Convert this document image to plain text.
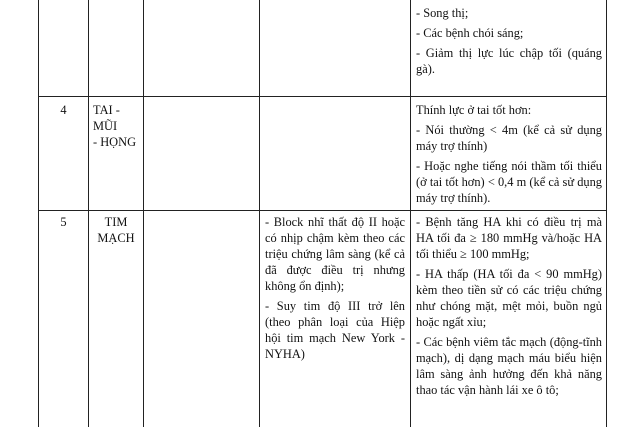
- Song thị;

- Các bệnh chói sáng;

- Giảm thị lực lúc chập tối (quáng gà).

4	TAI - MŨI
- HỌNG

Thính lực ở tai tốt hơn:

- Nói thường < 4m (kể cả sử dụng máy trợ thính)

- Hoặc nghe tiếng nói thầm tối thiểu (ở tai tốt hơn) < 0,4 m (kể cả sử dụng máy trợ thính).

5	TIM
MẠCH

- Block nhĩ thất độ II hoặc có nhịp chậm kèm theo các triệu chứng lâm sàng (kể cả đã được điều trị nhưng không ổn định);

- Suy tim độ III trở lên (theo phân loại của Hiệp hội tim mạch New York - NYHA)

- Bệnh tăng HA khi có điều trị mà HA tối đa ≥ 180 mmHg và/hoặc HA tối thiểu ≥ 100 mmHg;

- HA thấp (HA tối đa < 90 mmHg) kèm theo tiền sử có các triệu chứng như chóng mặt, mệt mỏi, buồn ngủ hoặc ngất xỉu;

- Các bệnh viêm tắc mạch (động-tĩnh mạch), dị dạng mạch máu biểu hiện lâm sàng ảnh hưởng đến khả năng thao tác vận hành lái xe ô tô;
